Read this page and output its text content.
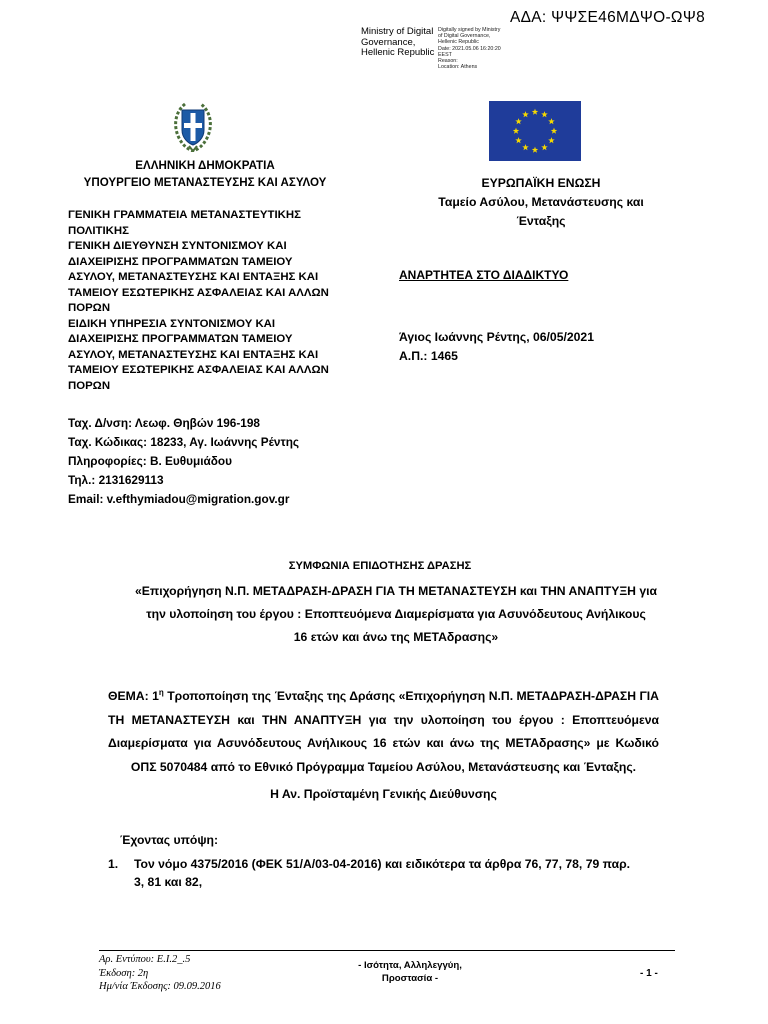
ΑΔΑ: ΨΨΣΕ46ΜΔΨΟ-ΩΨ8
Ministry of Digital
Governance,
Hellenic Republic
Digitally signed by Ministry
of Digital Governance,
Hellenic Republic
Date: 2021.05.06 16:20:20
EEST
Reason:
Location: Athens
ΕΛΛΗΝΙΚΗ ΔΗΜΟΚΡΑΤΙΑ
ΥΠΟΥΡΓΕΙΟ ΜΕΤΑΝΑΣΤΕΥΣΗΣ ΚΑΙ ΑΣΥΛΟΥ	ΕΥΡΩΠΑΪΚΗ ΕΝΩΣΗ
Ταμείο Ασύλου, Μετανάστευσης και
Ένταξης
ΓΕΝΙΚΗ ΓΡΑΜΜΑΤΕΙΑ ΜΕΤΑΝΑΣΤΕΥΤΙΚΗΣ
ΠΟΛΙΤΙΚΗΣ
ΓΕΝΙΚΗ ΔΙΕΥΘΥΝΣΗ ΣΥΝΤΟΝΙΣΜΟΥ ΚΑΙ
ΔΙΑΧΕΙΡΙΣΗΣ ΠΡΟΓΡΑΜΜΑΤΩΝ ΤΑΜΕΙΟΥ
ΑΣΥΛΟΥ, ΜΕΤΑΝΑΣΤΕΥΣΗΣ ΚΑΙ ΕΝΤΑΞΗΣ ΚΑΙ
ΤΑΜΕΙΟΥ ΕΣΩΤΕΡΙΚΗΣ ΑΣΦΑΛΕΙΑΣ ΚΑΙ ΑΛΛΩΝ
ΠΟΡΩΝ
ΕΙΔΙΚΗ ΥΠΗΡΕΣΙΑ ΣΥΝΤΟΝΙΣΜΟΥ ΚΑΙ
ΔΙΑΧΕΙΡΙΣΗΣ ΠΡΟΓΡΑΜΜΑΤΩΝ ΤΑΜΕΙΟΥ
ΑΣΥΛΟΥ, ΜΕΤΑΝΑΣΤΕΥΣΗΣ ΚΑΙ ΕΝΤΑΞΗΣ ΚΑΙ
ΤΑΜΕΙΟΥ ΕΣΩΤΕΡΙΚΗΣ ΑΣΦΑΛΕΙΑΣ ΚΑΙ ΑΛΛΩΝ
ΠΟΡΩΝ
Ταχ. Δ/νση: Λεωφ. Θηβών 196-198
Ταχ. Κώδικας: 18233, Αγ. Ιωάννης Ρέντης
Πληροφορίες: Β. Ευθυμιάδου
Τηλ.: 2131629113
Email: v.efthymiadou@migration.gov.gr
ΑΝΑΡΤΗΤΕΑ ΣΤΟ ΔΙΑΔΙΚΤΥΟ
Άγιος Ιωάννης Ρέντης, 06/05/2021
Α.Π.: 1465
ΣΥΜΦΩΝΙΑ ΕΠΙΔΟΤΗΣΗΣ ΔΡΑΣΗΣ
«Επιχορήγηση Ν.Π. ΜΕΤΑΔΡΑΣΗ-ΔΡΑΣΗ ΓΙΑ ΤΗ ΜΕΤΑΝΑΣΤΕΥΣΗ και ΤΗΝ ΑΝΑΠΤΥΞΗ για
την υλοποίηση του έργου : Εποπτευόμενα Διαμερίσματα για Ασυνόδευτους Ανήλικους
16 ετών και άνω της ΜΕΤΑδρασης»
ΘΕΜΑ: $1^\eta$ Τροποποίηση της Ένταξης της Δράσης «Επιχορήγηση Ν.Π. ΜΕΤΑΔΡΑΣΗ-ΔΡΑΣΗ ΓΙΑ
ΤΗ ΜΕΤΑΝΑΣΤΕΥΣΗ και ΤΗΝ ΑΝΑΠΤΥΞΗ για την υλοποίηση του έργου : Εποπτευόμενα
Διαμερίσματα για Ασυνόδευτους Ανήλικους 16 ετών και άνω της ΜΕΤΑδρασης» με Κωδικό
ΟΠΣ 5070484 από το Εθνικό Πρόγραμμα Ταμείου Ασύλου, Μετανάστευσης και Ένταξης.
Η Αν. Προϊσταμένη Γενικής Διεύθυνσης
Έχοντας υπόψη:
1. Τον νόμο 4375/2016 (ΦΕΚ 51/Α/03-04-2016) και ειδικότερα τα άρθρα 76, 77, 78, 79 παρ.
3, 81 και 82,
Αρ. Εντύπου: Ε.Ι.2_.5
Έκδοση: 2η
Ημ/νία Έκδοσης: 09.09.2016
- Ισότητα, Αλληλεγγύη,
Προστασία -	- 1 -
